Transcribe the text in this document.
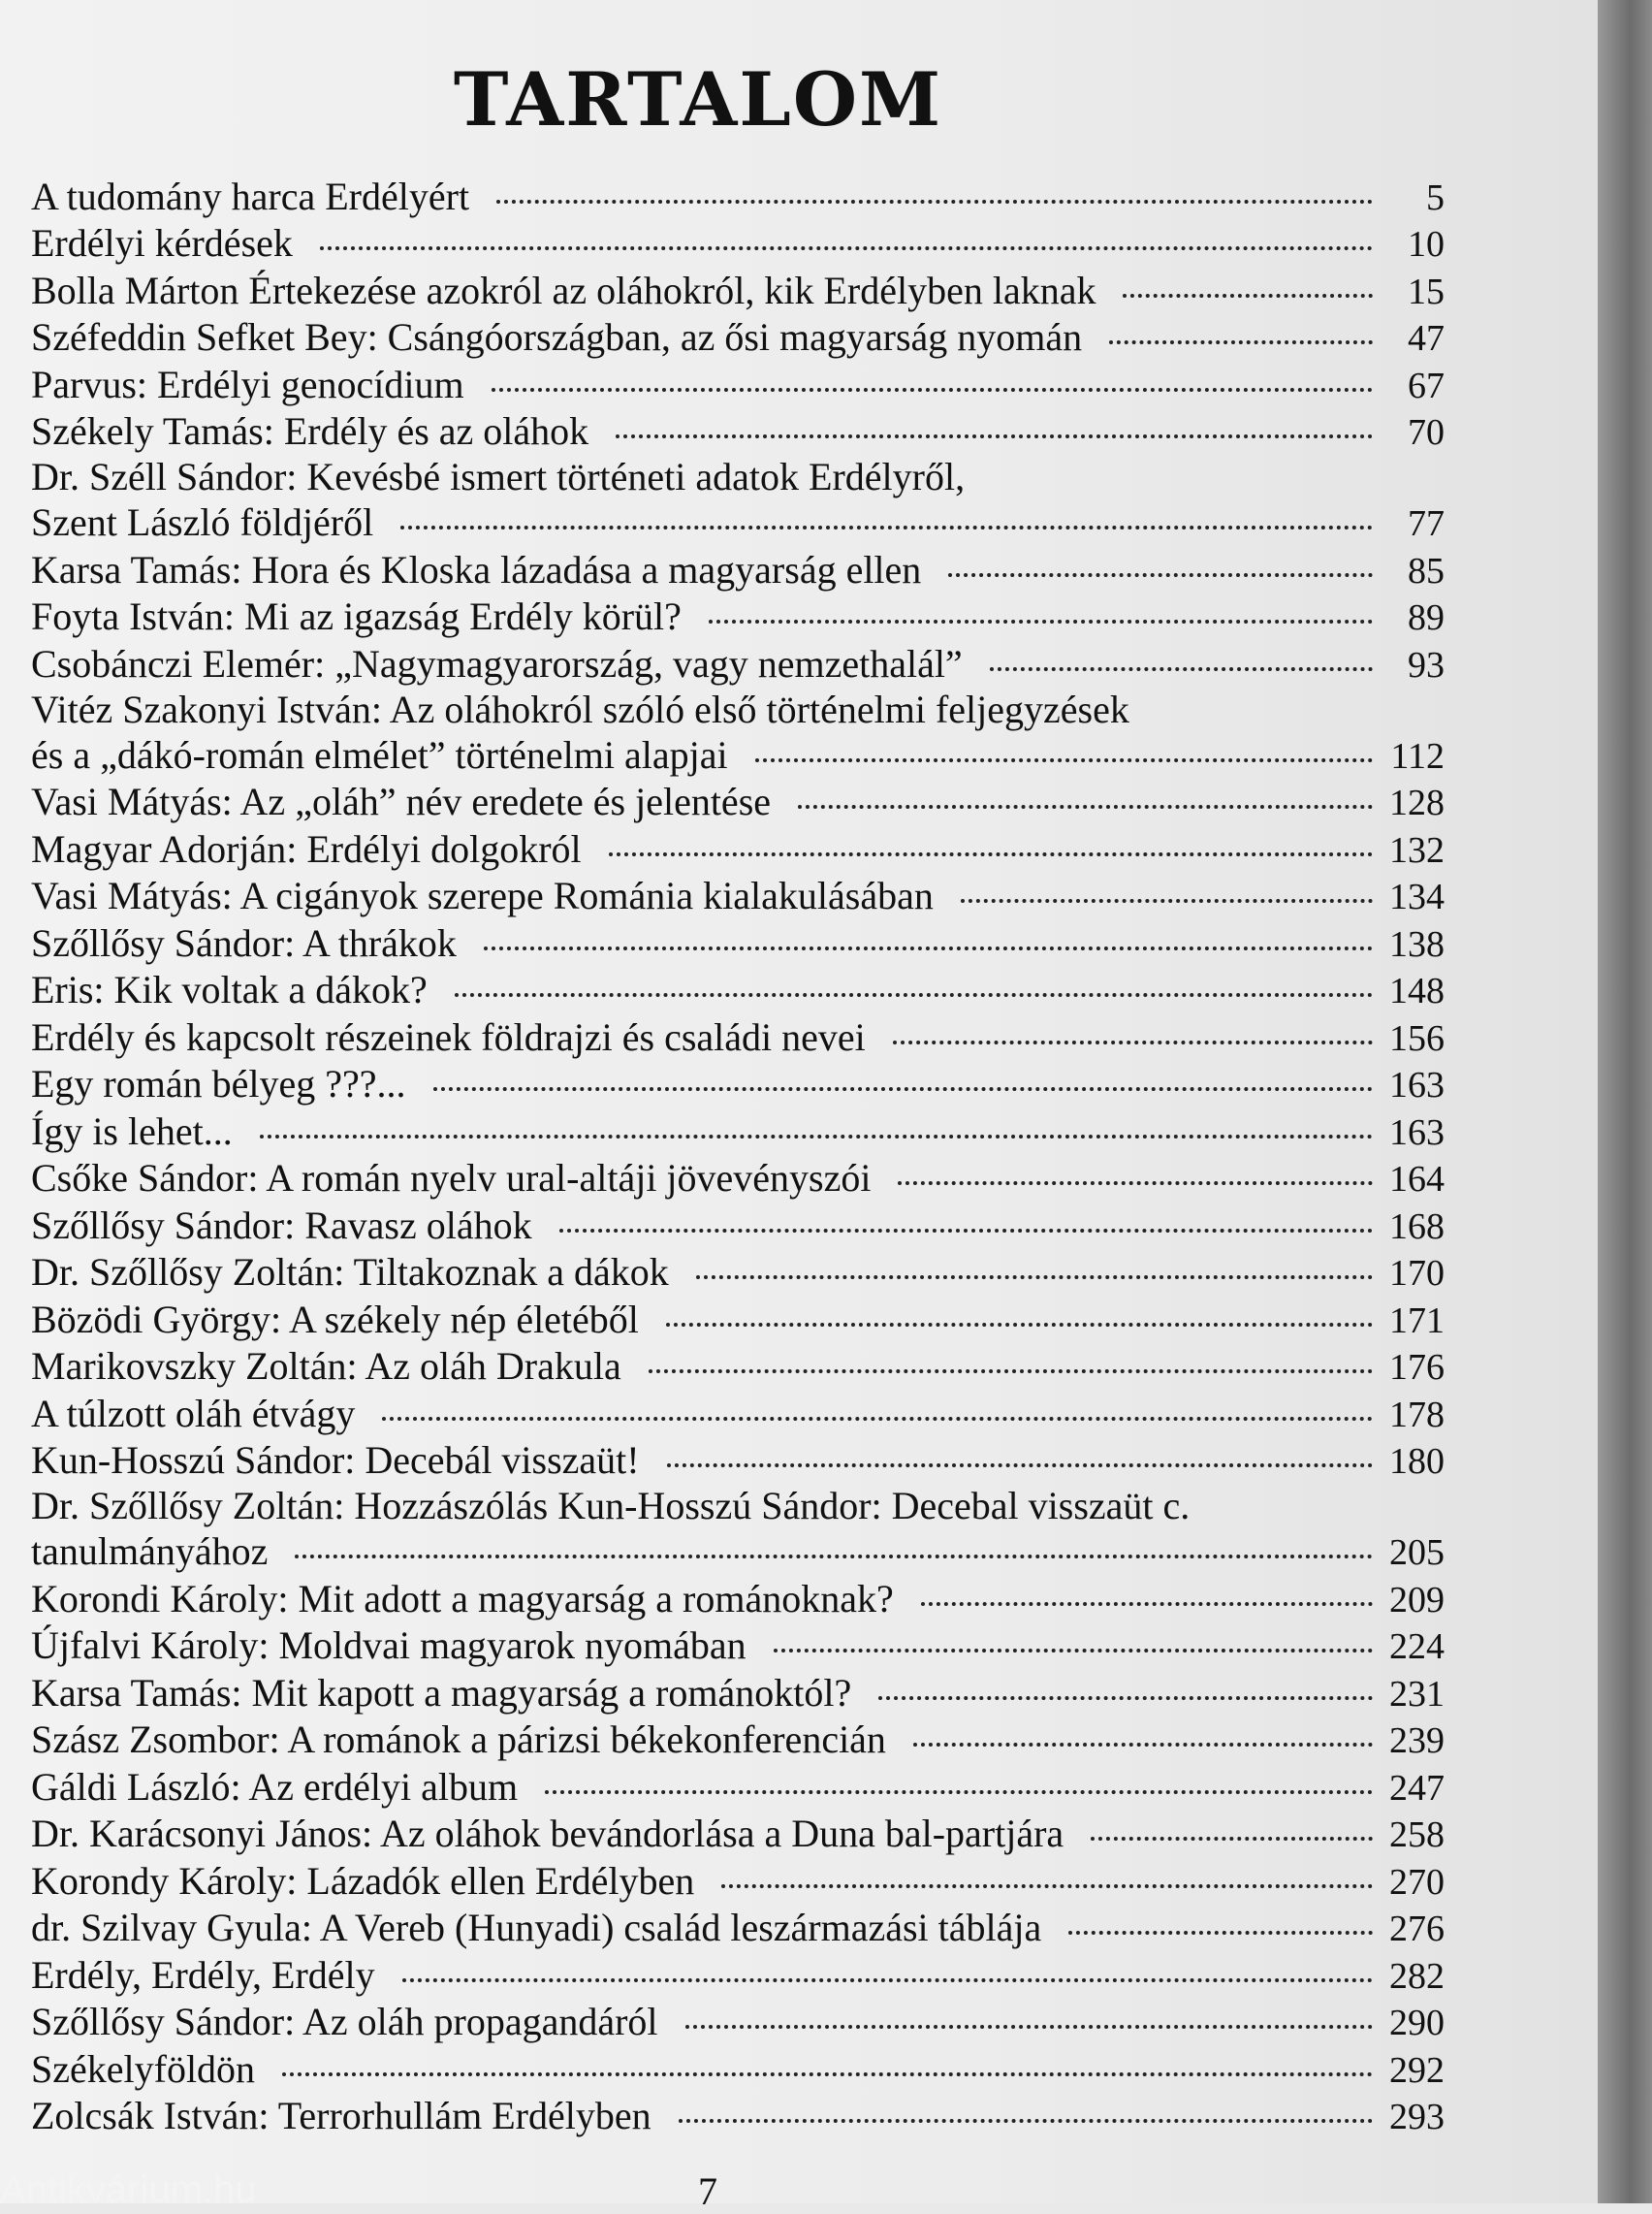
TARTALOM
A tudomány harca Erdélyért	5
Erdélyi kérdések	10
Bolla Márton Értekezése azokról az oláhokról, kik Erdélyben laknak	15
Széfeddin Sefket Bey: Csángóországban, az ősi magyarság nyomán	47
Parvus: Erdélyi genocídium	67
Székely Tamás: Erdély és az oláhok	70
Dr. Széll Sándor: Kevésbé ismert történeti adatok Erdélyről,
Szent László földjéről	77
Karsa Tamás: Hora és Kloska lázadása a magyarság ellen	85
Foyta István: Mi az igazság Erdély körül?	89
Csobánczi Elemér: „Nagymagyarország, vagy nemzethalál”	93
Vitéz Szakonyi István: Az oláhokról szóló első történelmi feljegyzések
és a „dákó-román elmélet” történelmi alapjai	112
Vasi Mátyás: Az „oláh” név eredete és jelentése	128
Magyar Adorján: Erdélyi dolgokról	132
Vasi Mátyás: A cigányok szerepe Románia kialakulásában	134
Szőllősy Sándor: A thrákok	138
Eris: Kik voltak a dákok?	148
Erdély és kapcsolt részeinek földrajzi és családi nevei	156
Egy román bélyeg ???...	163
Így is lehet...	163
Csőke Sándor: A román nyelv ural-altáji jövevényszói	164
Szőllősy Sándor: Ravasz oláhok	168
Dr. Szőllősy Zoltán: Tiltakoznak a dákok	170
Bözödi György: A székely nép életéből	171
Marikovszky Zoltán: Az oláh Drakula	176
A túlzott oláh étvágy	178
Kun-Hosszú Sándor: Decebál visszaüt!	180
Dr. Szőllősy Zoltán: Hozzászólás Kun-Hosszú Sándor: Decebal visszaüt c.
tanulmányához	205
Korondi Károly: Mit adott a magyarság a románoknak?	209
Újfalvi Károly: Moldvai magyarok nyomában	224
Karsa Tamás: Mit kapott a magyarság a románoktól?	231
Szász Zsombor: A románok a párizsi békekonferencián	239
Gáldi László: Az erdélyi album	247
Dr. Karácsonyi János: Az oláhok bevándorlása a Duna bal-partjára	258
Korondy Károly: Lázadók ellen Erdélyben	270
dr. Szilvay Gyula: A Vereb (Hunyadi) család leszármazási táblája	276
Erdély, Erdély, Erdély	282
Szőllősy Sándor: Az oláh propagandáról	290
Székelyföldön	292
Zolcsák István: Terrorhullám Erdélyben	293

Antikvárium.hu	7
